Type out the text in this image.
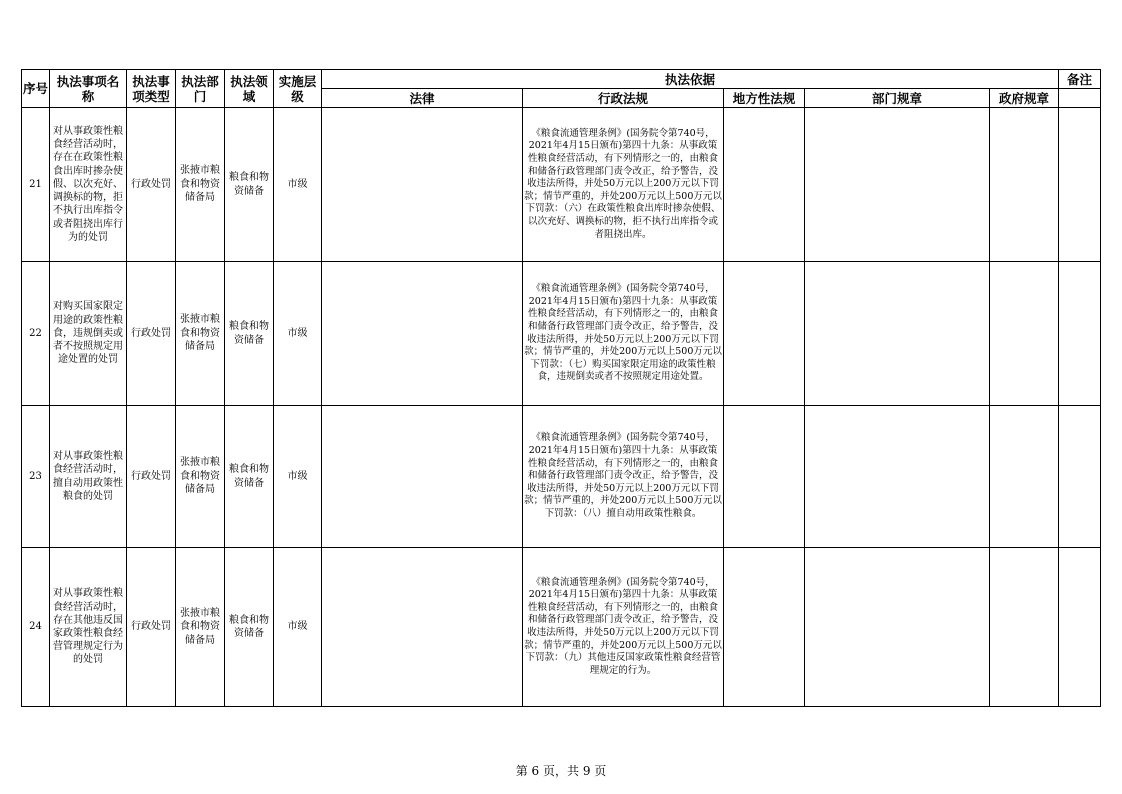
序号	执法事项名称	执法事项类型	执法部门	执法领域	实施层级	执法依据					备注
						法律	行政法规	地方性法规	部门规章	政府规章	
21	对从事政策性粮食经营活动时，存在在政策性粮食出库时掺杂使假、以次充好、调换标的物，拒不执行出库指令或者阻挠出库行为的处罚	行政处罚	张掖市粮食和物资储备局	粮食和物资储备	市级		《粮食流通管理条例》(国务院令第740号，2021年4月15日颁布)第四十九条：从事政策性粮食经营活动，有下列情形之一的，由粮食和储备行政管理部门责令改正，给予警告，没收违法所得，并处50万元以上200万元以下罚款；情节严重的，并处200万元以上500万元以下罚款：（六）在政策性粮食出库时掺杂使假、以次充好、调换标的物，拒不执行出库指令或者阻挠出库。				
22	对购买国家限定用途的政策性粮食，违规倒卖或者不按照规定用途处置的处罚	行政处罚	张掖市粮食和物资储备局	粮食和物资储备	市级		《粮食流通管理条例》(国务院令第740号，2021年4月15日颁布)第四十九条：从事政策性粮食经营活动，有下列情形之一的，由粮食和储备行政管理部门责令改正，给予警告，没收违法所得，并处50万元以上200万元以下罚款；情节严重的，并处200万元以上500万元以下罚款：（七）购买国家限定用途的政策性粮食，违规倒卖或者不按照规定用途处置。				
23	对从事政策性粮食经营活动时，擅自动用政策性粮食的处罚	行政处罚	张掖市粮食和物资储备局	粮食和物资储备	市级		《粮食流通管理条例》(国务院令第740号，2021年4月15日颁布)第四十九条：从事政策性粮食经营活动，有下列情形之一的，由粮食和储备行政管理部门责令改正，给予警告，没收违法所得，并处50万元以上200万元以下罚款；情节严重的，并处200万元以上500万元以下罚款：（八）擅自动用政策性粮食。				
24	对从事政策性粮食经营活动时，存在其他违反国家政策性粮食经营管理规定行为的处罚	行政处罚	张掖市粮食和物资储备局	粮食和物资储备	市级		《粮食流通管理条例》(国务院令第740号，2021年4月15日颁布)第四十九条：从事政策性粮食经营活动，有下列情形之一的，由粮食和储备行政管理部门责令改正，给予警告，没收违法所得，并处50万元以上200万元以下罚款；情节严重的，并处200万元以上500万元以下罚款：（九）其他违反国家政策性粮食经营管理规定的行为。				
第 6 页，共 9 页
